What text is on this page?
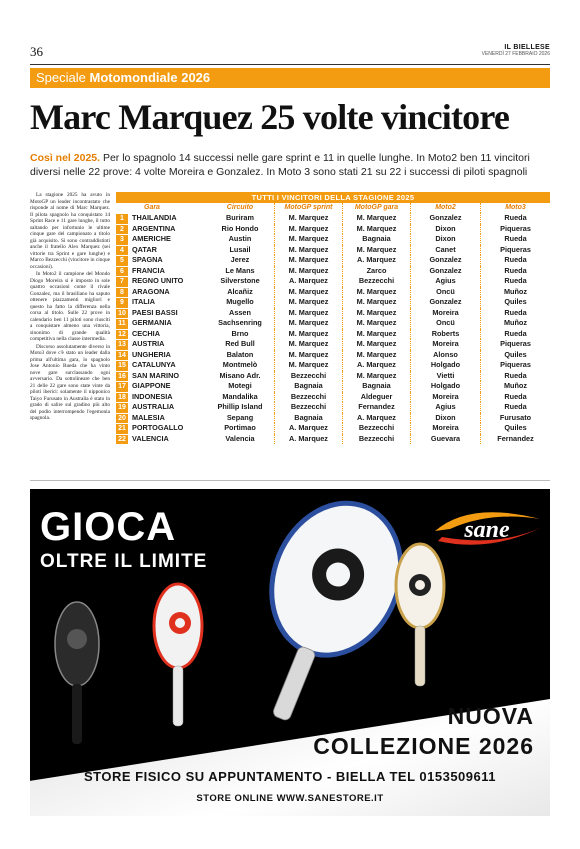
36	IL BIELLESE
VENERDÌ 27 FEBBRAIO 2026
Speciale Motomondiale 2026
Marc Marquez 25 volte vincitore
Così nel 2025. Per lo spagnolo 14 successi nelle gare sprint e 11 in quelle lunghe. In Moto2 ben 11 vincitori diversi nelle 22 prove: 4 volte Moreira e Gonzalez. In Moto 3 sono stati 21 su 22 i successi di piloti spagnoli

La stagione 2025 ha avuto in MotoGP un leader incontrastato che risponde al nome di Marc Marquez. Il pilota spagnolo ha conquistato 14 Sprint Race e 11 gare lunghe, il tutto saltando per infortunio le ultime cinque gare del campionato a titolo già acquisito. Si sono contraddistinti anche il fratello Alex Marquez (sei vittorie tra Sprint e gare lunghe) e Marco Bezzecchi (vincitore in cinque occasioni).

In Moto2 il campione del Mondo Diogo Moreira si è imposto in sole quattro occasioni come il rivale Gonzalez, ma il brasiliano ha saputo ottenere piazzamenti migliori e questo ha fatto la differenza nella corsa al titolo. Sulle 22 prove in calendario ben 11 piloti sono riusciti a conquistare almeno una vittoria, sinonimo di grande qualità competitiva nella classe intermedia.

Discorso assolutamente diverso in Moto3 dove c'è stato un leader dalla prima all'ultima gara, lo spagnolo Jose Antonio Rueda che ha vinto nove gare surclassando ogni avversario. Da sottolineare che ben 21 delle 22 gare sono state vinte da piloti iberici: solamente il nipponico Taiyo Furusato in Australia è stato in grado di salire sul gradino più alto del podio interrompendo l'egemonia spagnola.

TUTTI I VINCITORI DELLA STAGIONE 2025
Gara	Circuito	MotoGP sprint	MotoGP gara	Moto2	Moto3
1	THAILANDIA	Buriram	M. Marquez	M. Marquez	Gonzalez	Rueda
2	ARGENTINA	Rio Hondo	M. Marquez	M. Marquez	Dixon	Piqueras
3	AMERICHE	Austin	M. Marquez	Bagnaia	Dixon	Rueda
4	QATAR	Lusail	M. Marquez	M. Marquez	Canet	Piqueras
5	SPAGNA	Jerez	M. Marquez	A. Marquez	Gonzalez	Rueda
6	FRANCIA	Le Mans	M. Marquez	Zarco	Gonzalez	Rueda
7	REGNO UNITO	Silverstone	A. Marquez	Bezzecchi	Agius	Rueda
8	ARAGONA	Alcañiz	M. Marquez	M. Marquez	Oncü	Muñoz
9	ITALIA	Mugello	M. Marquez	M. Marquez	Gonzalez	Quiles
10 PAESI BASSI	Assen	M. Marquez	M. Marquez	Moreira	Rueda
11 GERMANIA	Sachsenring	M. Marquez	M. Marquez	Oncü	Muñoz
12 CECHIA	Brno	M. Marquez	M. Marquez	Roberts	Rueda
13 AUSTRIA	Red Bull	M. Marquez	M. Marquez	Moreira	Piqueras
14 UNGHERIA	Balaton	M. Marquez	M. Marquez	Alonso	Quiles
15 CATALUNYA	Montmelò	M. Marquez	A. Marquez	Holgado	Piqueras
16 SAN MARINO	Misano Adr.	Bezzecchi	M. Marquez	Vietti	Rueda
17 GIAPPONE	Motegi	Bagnaia	Bagnaia	Holgado	Muñoz
18 INDONESIA	Mandalika	Bezzecchi	Aldeguer	Moreira	Rueda
19 AUSTRALIA	Phillip Island	Bezzecchi	Fernandez	Agius	Rueda
20 MALESIA	Sepang	Bagnaia	A. Marquez	Dixon	Furusato
21 PORTOGALLO	Portimao	A. Marquez	Bezzecchi	Moreira	Quiles
22 VALENCIA	Valencia	A. Marquez	Bezzecchi	Guevara	Fernandez
GIOCA
OLTRE IL LIMITE
sane
NUOVA
COLLEZIONE 2026
STORE FISICO SU APPUNTAMENTO - BIELLA TEL 0153509611
STORE ONLINE WWW.SANESTORE.IT
